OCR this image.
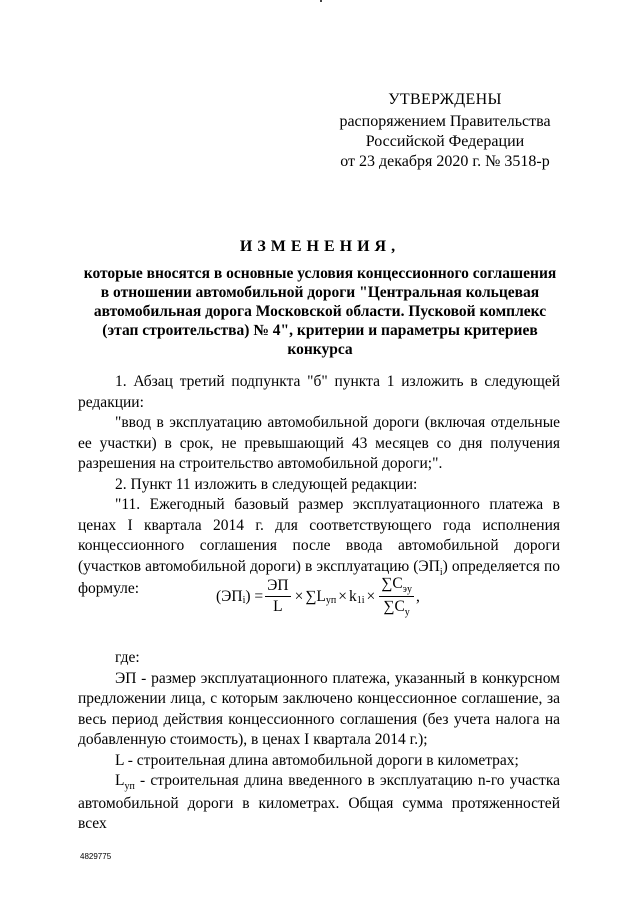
УТВЕРЖДЕНЫ
распоряжением Правительства
Российской Федерации
от 23 декабря 2020 г. № 3518-р
ИЗМЕНЕНИЯ,
которые вносятся в основные условия концессионного соглашения в отношении автомобильной дороги "Центральная кольцевая автомобильная дорога Московской области. Пусковой комплекс (этап строительства) № 4", критерии и параметры критериев конкурса

1. Абзац третий подпункта "б" пункта 1 изложить в следующей редакции:

"ввод в эксплуатацию автомобильной дороги (включая отдельные ее участки) в срок, не превышающий 43 месяцев со дня получения разрешения на строительство автомобильной дороги;".

2. Пункт 11 изложить в следующей редакции:

"11. Ежегодный базовый размер эксплуатационного платежа в ценах I квартала 2014 г. для соответствующего года исполнения концессионного соглашения после ввода автомобильной дороги (участков автомобильной дороги) в эксплуатацию $(ЭП_i)$ определяется по формуле:	(ЭП i ) = $\frac{ЭП}{L}$ × ∑ L уп × k $1i \times \frac{\sum C_{эу}}{\sum C_у}$ ,

где:

ЭП - размер эксплуатационного платежа, указанный в конкурсном предложении лица, с которым заключено концессионное соглашение, за весь период действия концессионного соглашения (без учета налога на добавленную стоимость), в ценах I квартала 2014 г.);

L - строительная длина автомобильной дороги в километрах;

$L_{уп}$ - строительная длина введенного в эксплуатацию n-го участка автомобильной дороги в километрах. Общая сумма протяженностей всех

4829775
